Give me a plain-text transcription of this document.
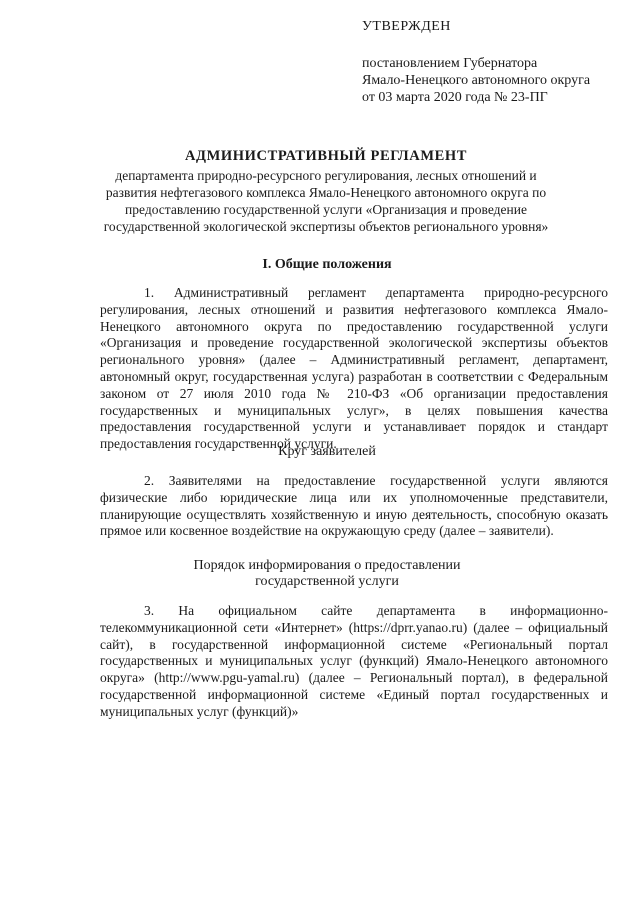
УТВЕРЖДЕН

постановлением Губернатора

Ямало-Ненецкого автономного округа

от 03 марта 2020 года № 23-ПГ

АДМИНИСТРАТИВНЫЙ РЕГЛАМЕНТ

департамента природно-ресурсного регулирования, лесных отношений и развития нефтегазового комплекса Ямало-Ненецкого автономного округа по предоставлению государственной услуги «Организация и проведение государственной экологической экспертизы объектов регионального уровня»

I. Общие положения

1. Административный регламент департамента природно-ресурсного регулирования, лесных отношений и развития нефтегазового комплекса Ямало-Ненецкого автономного округа по предоставлению государственной услуги «Организация и проведение государственной экологической экспертизы объектов регионального уровня» (далее – Административный регламент, департамент, автономный округ, государственная услуга) разработан в соответствии с Федеральным законом от 27 июля 2010 года № 210-ФЗ «Об организации предоставления государственных и муниципальных услуг», в целях повышения качества предоставления государственной услуги и устанавливает порядок и стандарт предоставления государственной услуги.

Круг заявителей

2. Заявителями на предоставление государственной услуги являются физические либо юридические лица или их уполномоченные представители, планирующие осуществлять хозяйственную и иную деятельность, способную оказать прямое или косвенное воздействие на окружающую среду (далее – заявители).

Порядок информирования о предоставлении

государственной услуги

3. На официальном сайте департамента в информационно-телекоммуникационной сети «Интернет» (https://dprr.yanao.ru) (далее – официальный сайт), в государственной информационной системе «Региональный портал государственных и муниципальных услуг (функций) Ямало-Ненецкого автономного округа» (http://www.pgu-yamal.ru) (далее – Региональный портал), в федеральной государственной информационной системе «Единый портал государственных и муниципальных услуг (функций)»
